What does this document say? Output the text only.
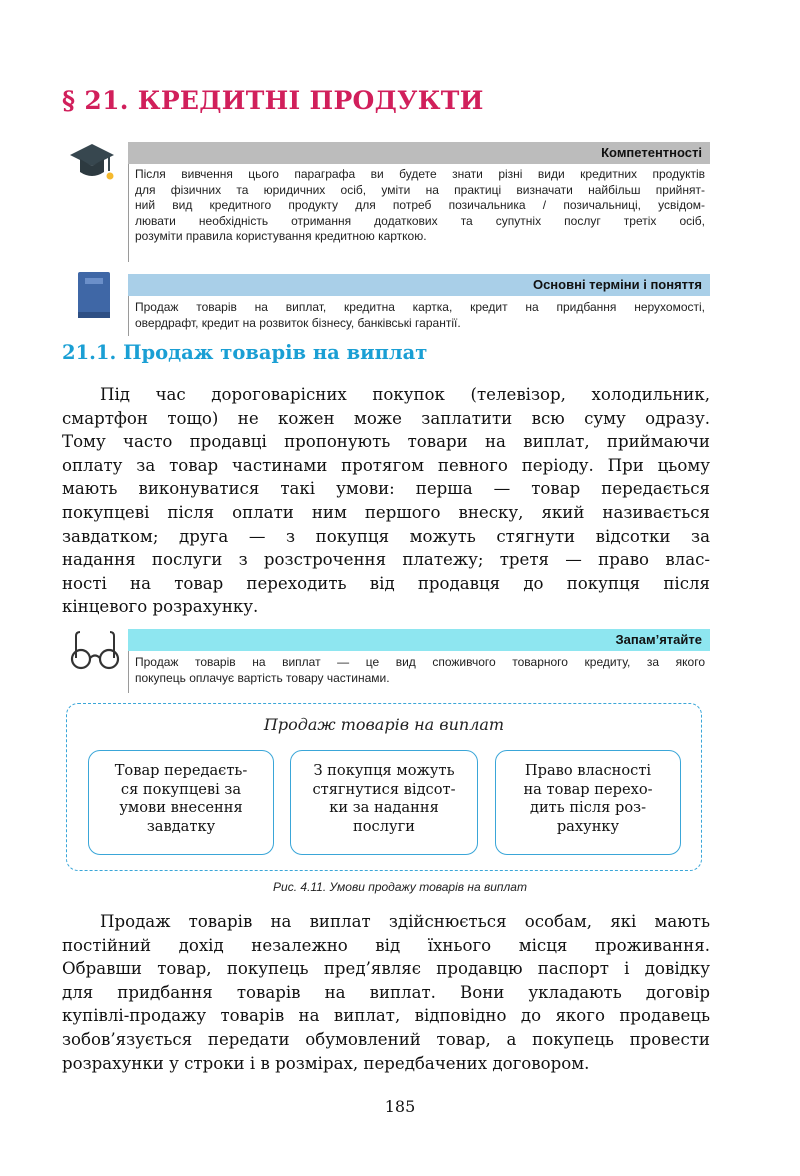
§ 21. КРЕДИТНІ ПРОДУКТИ
Компетентності
Після вивчення цього параграфа ви будете знати різні види кредитних продуктів
для фізичних та юридичних осіб, уміти на практиці визначати найбільш прийнят-
ний вид кредитного продукту для потреб позичальника / позичальниці, усвідом-
лювати необхідність отримання додаткових та супутніх послуг третіх осіб,
розуміти правила користування кредитною карткою.
Основні терміни і поняття
Продаж товарів на виплат, кредитна картка, кредит на придбання нерухомості,
овердрафт, кредит на розвиток бізнесу, банківські гарантії.
21.1. Продаж товарів на виплат
Під час дороговарісних покупок (телевізор, холодильник,
смартфон тощо) не кожен може заплатити всю суму одразу.
Тому часто продавці пропонують товари на виплат, приймаючи
оплату за товар частинами протягом певного періоду. При цьому
мають виконуватися такі умови: перша — товар передається
покупцеві після оплати ним першого внеску, який називається
завдатком; друга — з покупця можуть стягнути відсотки за
надання послуги з розстрочення платежу; третя — право влас-
ності на товар переходить від продавця до покупця після
кінцевого розрахунку.
Запам’ятайте
Продаж товарів на виплат — це вид споживчого товарного кредиту, за якого
покупець оплачує вартість товару частинами.
Продаж товарів на виплат
Товар передаєть-
ся покупцеві за
умови внесення
завдатку
З покупця можуть
стягнутися відсот-
ки за надання
послуги
Право власності
на товар перехо-
дить після роз-
рахунку
Рис. 4.11. Умови продажу товарів на виплат
Продаж товарів на виплат здійснюється особам, які мають
постійний дохід незалежно від їхнього місця проживання.
Обравши товар, покупець пред’являє продавцю паспорт і довідку
для придбання товарів на виплат. Вони укладають договір
купівлі-продажу товарів на виплат, відповідно до якого продавець
зобов’язується передати обумовлений товар, а покупець провести
розрахунки у строки і в розмірах, передбачених договором.
185
